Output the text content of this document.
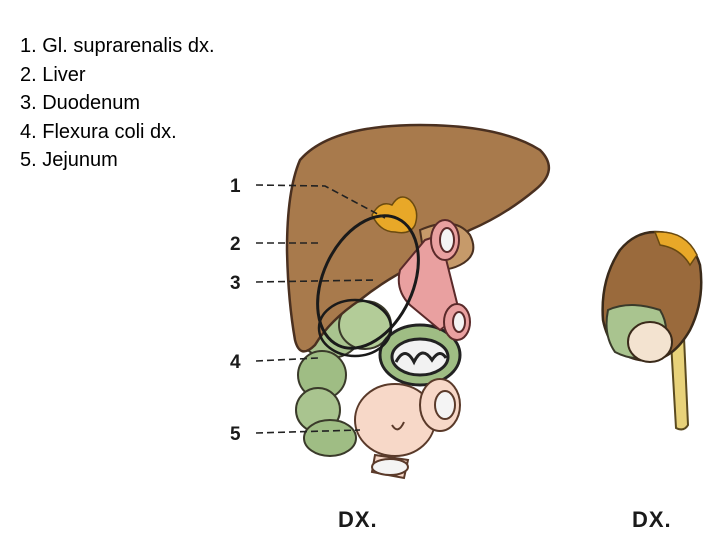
1. Gl. suprarenalis dx.
2. Liver
3. Duodenum
4. Flexura coli dx.
5. Jejunum
1
2
3
4
5
DX.	DX.
